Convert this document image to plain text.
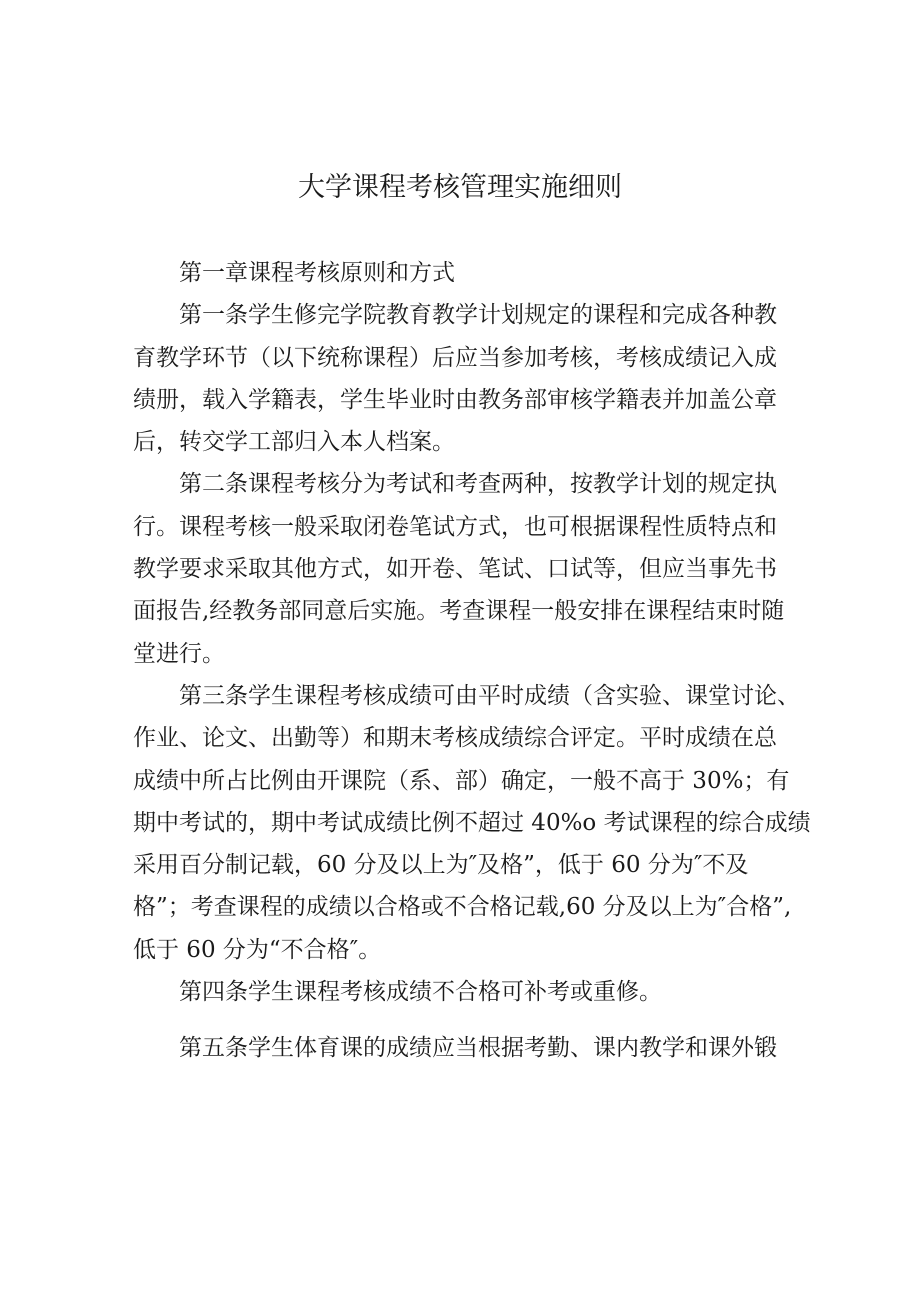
大学课程考核管理实施细则

第一章课程考核原则和方式

第一条学生修完学院教育教学计划规定的课程和完成各种教
育教学环节（以下统称课程）后应当参加考核，考核成绩记入成
绩册，载入学籍表，学生毕业时由教务部审核学籍表并加盖公章
后，转交学工部归入本人档案。

第二条课程考核分为考试和考查两种，按教学计划的规定执
行。课程考核一般采取闭卷笔试方式，也可根据课程性质特点和
教学要求采取其他方式，如开卷、笔试、口试等，但应当事先书
面报告,经教务部同意后实施。考查课程一般安排在课程结束时随
堂进行。

第三条学生课程考核成绩可由平时成绩（含实验、课堂讨论、
作业、论文、出勤等）和期末考核成绩综合评定。平时成绩在总
成绩中所占比例由开课院（系、部）确定，一般不高于 30%；有
期中考试的，期中考试成绩比例不超过 40%o 考试课程的综合成绩
采用百分制记载，60 分及以上为″及格”，低于 60 分为″不及
格”；考查课程的成绩以合格或不合格记载,60 分及以上为″合格”,
低于 60 分为“不合格″。

第四条学生课程考核成绩不合格可补考或重修。

第五条学生体育课的成绩应当根据考勤、课内教学和课外锻
